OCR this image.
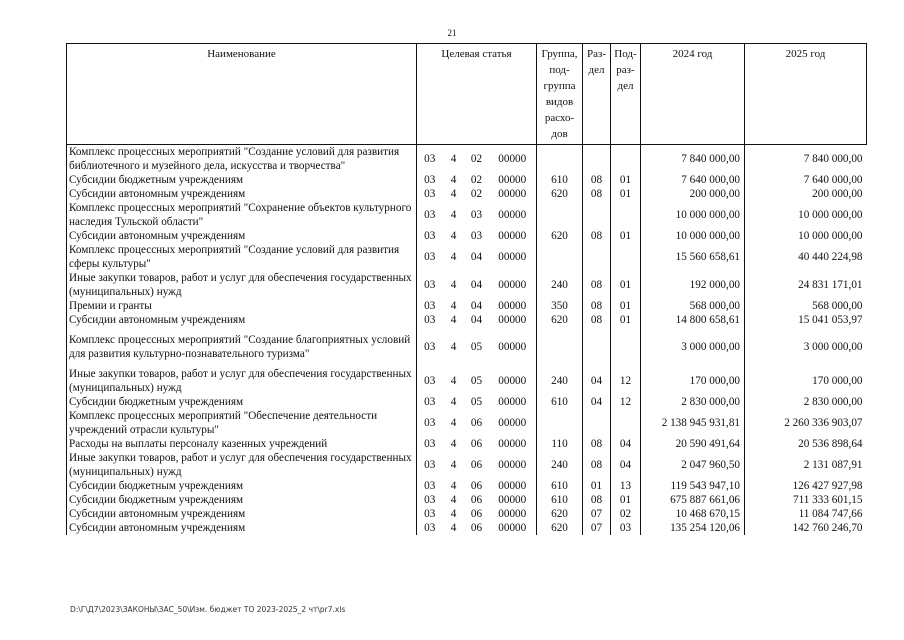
21
Наименование	Целевая статья				Группа, под-группа видов расхо-дов	Раз-дел	Под-раз-дел	2024 год	2025 год
Комплекс процессных мероприятий "Создание условий для развития библиотечного и музейного дела, искусства и творчества"	03	4	02	00000				7 840 000,00	7 840 000,00
Субсидии бюджетным учреждениям	03	4	02	00000	610	08	01	7 640 000,00	7 640 000,00
Субсидии автономным учреждениям	03	4	02	00000	620	08	01	200 000,00	200 000,00
Комплекс процессных мероприятий "Сохранение объектов культурного наследия Тульской области"	03	4	03	00000				10 000 000,00	10 000 000,00
Субсидии автономным учреждениям	03	4	03	00000	620	08	01	10 000 000,00	10 000 000,00
Комплекс процессных мероприятий "Создание условий для развития сферы культуры"	03	4	04	00000				15 560 658,61	40 440 224,98
Иные закупки товаров, работ и услуг для обеспечения государственных (муниципальных) нужд	03	4	04	00000	240	08	01	192 000,00	24 831 171,01
Премии и гранты	03	4	04	00000	350	08	01	568 000,00	568 000,00
Субсидии автономным учреждениям	03	4	04	00000	620	08	01	14 800 658,61	15 041 053,97

Комплекс процессных мероприятий "Создание благоприятных условий для развития культурно-познавательного туризма"	03	4	05	00000				3 000 000,00	3 000 000,00

Иные закупки товаров, работ и услуг для обеспечения государственных (муниципальных) нужд	03	4	05	00000	240	04	12	170 000,00	170 000,00
Субсидии бюджетным учреждениям	03	4	05	00000	610	04	12	2 830 000,00	2 830 000,00
Комплекс процессных мероприятий "Обеспечение деятельности учреждений отрасли культуры"	03	4	06	00000				2 138 945 931,81	2 260 336 903,07
Расходы на выплаты персоналу казенных учреждений	03	4	06	00000	110	08	04	20 590 491,64	20 536 898,64
Иные закупки товаров, работ и услуг для обеспечения государственных (муниципальных) нужд	03	4	06	00000	240	08	04	2 047 960,50	2 131 087,91
Субсидии бюджетным учреждениям	03	4	06	00000	610	01	13	119 543 947,10	126 427 927,98
Субсидии бюджетным учреждениям	03	4	06	00000	610	08	01	675 887 661,06	711 333 601,15
Субсидии автономным учреждениям	03	4	06	00000	620	07	02	10 468 670,15	11 084 747,66
Субсидии автономным учреждениям	03	4	06	00000	620	07	03	135 254 120,06	142 760 246,70
D:\Г\Д7\2023\ЗАКОНЫ\ЗАС_50\Изм. бюджет ТО 2023-2025_2 чт\pr7.xls
